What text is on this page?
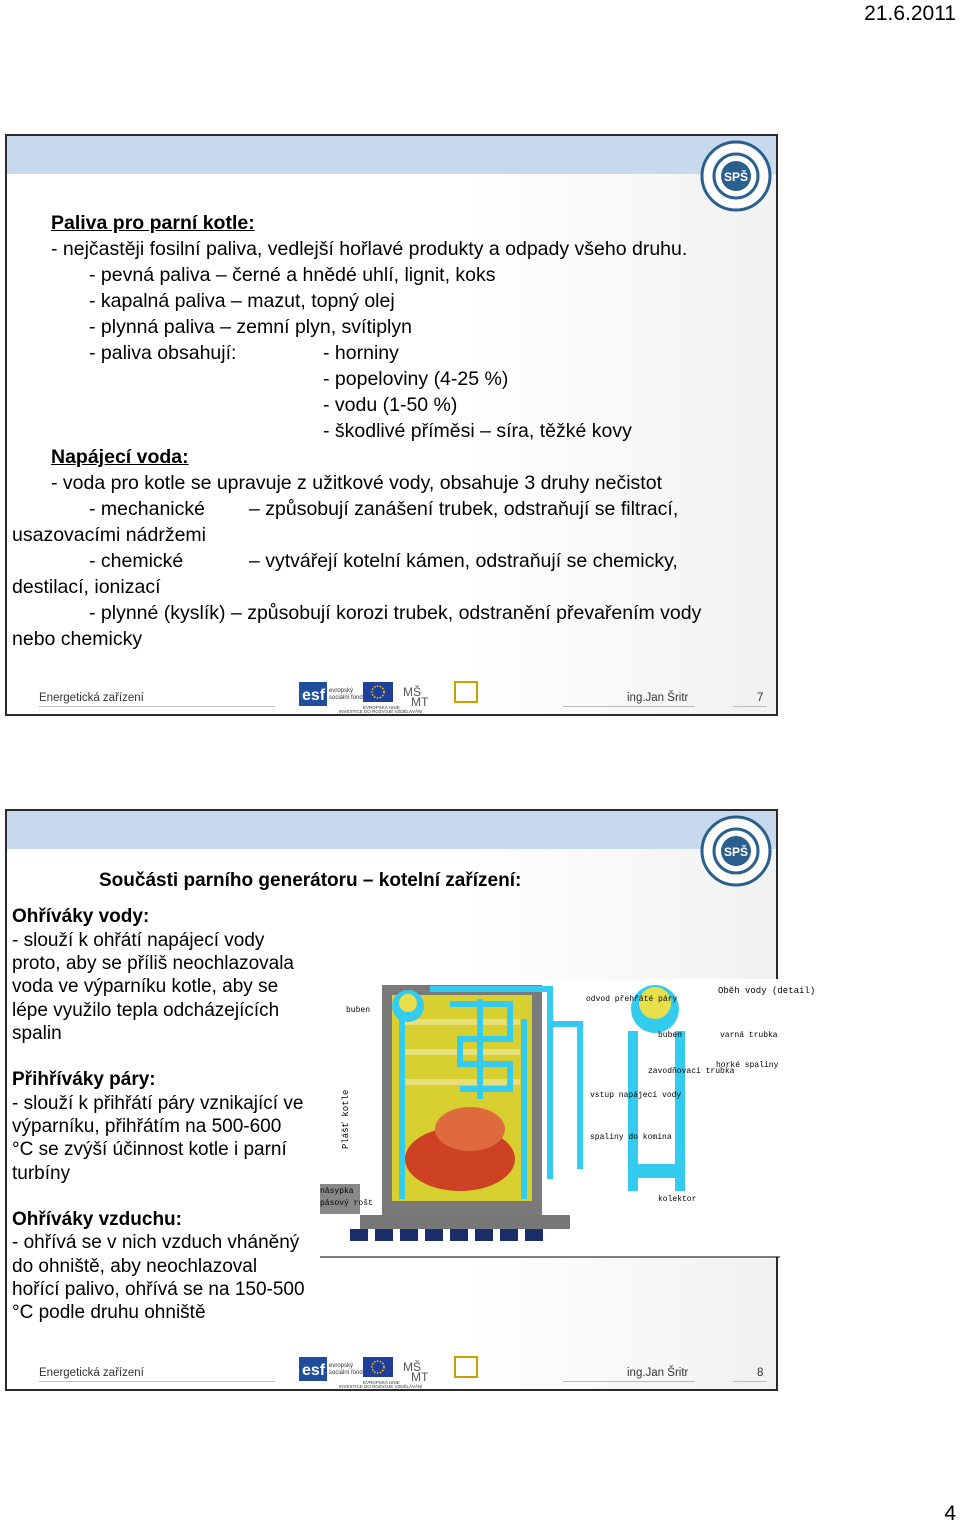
21.6.2011
SPŠ
Paliva pro parní kotle:
- nejčastěji fosilní paliva, vedlejší hořlavé produkty a odpady všeho druhu.
- pevná paliva – černé a hnědé uhlí, lignit, koks
- kapalná paliva – mazut, topný olej
- plynná paliva – zemní plyn, svítiplyn
- paliva obsahují:	- horniny
- popeloviny (4-25 %)
- vodu (1-50 %)
- škodlivé příměsi – síra, těžké kovy
Napájecí voda:
- voda pro kotle se upravuje z užitkové vody, obsahuje 3 druhy nečistot
- mechanické – způsobují zanášení trubek, odstraňují se filtrací,
usazovacími nádržemi
- chemické	– vytvářejí kotelní kámen, odstraňují se chemicky,
destilací, ionizací
- plynné (kyslík) – způsobují korozi trubek, odstranění převařením vody
nebo chemicky
Energetická zařízení	esf evropský
sociální fond
EVROPSKÁ UNIE
MŠ
MT
INVESTICE DO ROZVOJE VZDĚLÁVÁNÍ
ing.Jan Šritr	7
SPŠ
Součásti parního generátoru – kotelní zařízení:
Ohříváky vody:
- slouží k ohřátí napájecí vody
proto, aby se příliš neochlazovala
voda ve výparníku kotle, aby se
lépe využilo tepla odcházejících
spalin
Přihříváky páry:
- slouží k přihřátí páry vznikající ve
výparníku, přihřátím na 500-600
°C se zvýší účinnost kotle i parní
turbíny
Ohříváky vzduchu:
- ohřívá se v nich vzduch vháněný
do ohniště, aby neochlazoval
hořící palivo, ohřívá se na 150-500
°C podle druhu ohniště
buben
Plášť kotle
násypka
pásový rošt
odvod přehřáté páry
buben	varná trubka
zavodňovací trubka
vstup napájecí vody
spaliny do komína
Oběh vody (detail)
horké spaliny
kolektor
Energetická zařízení	esf evropský
sociální fond
EVROPSKÁ UNIE
MŠ
MT
INVESTICE DO ROZVOJE VZDĚLÁVÁNÍ
ing.Jan Šritr	8
4
